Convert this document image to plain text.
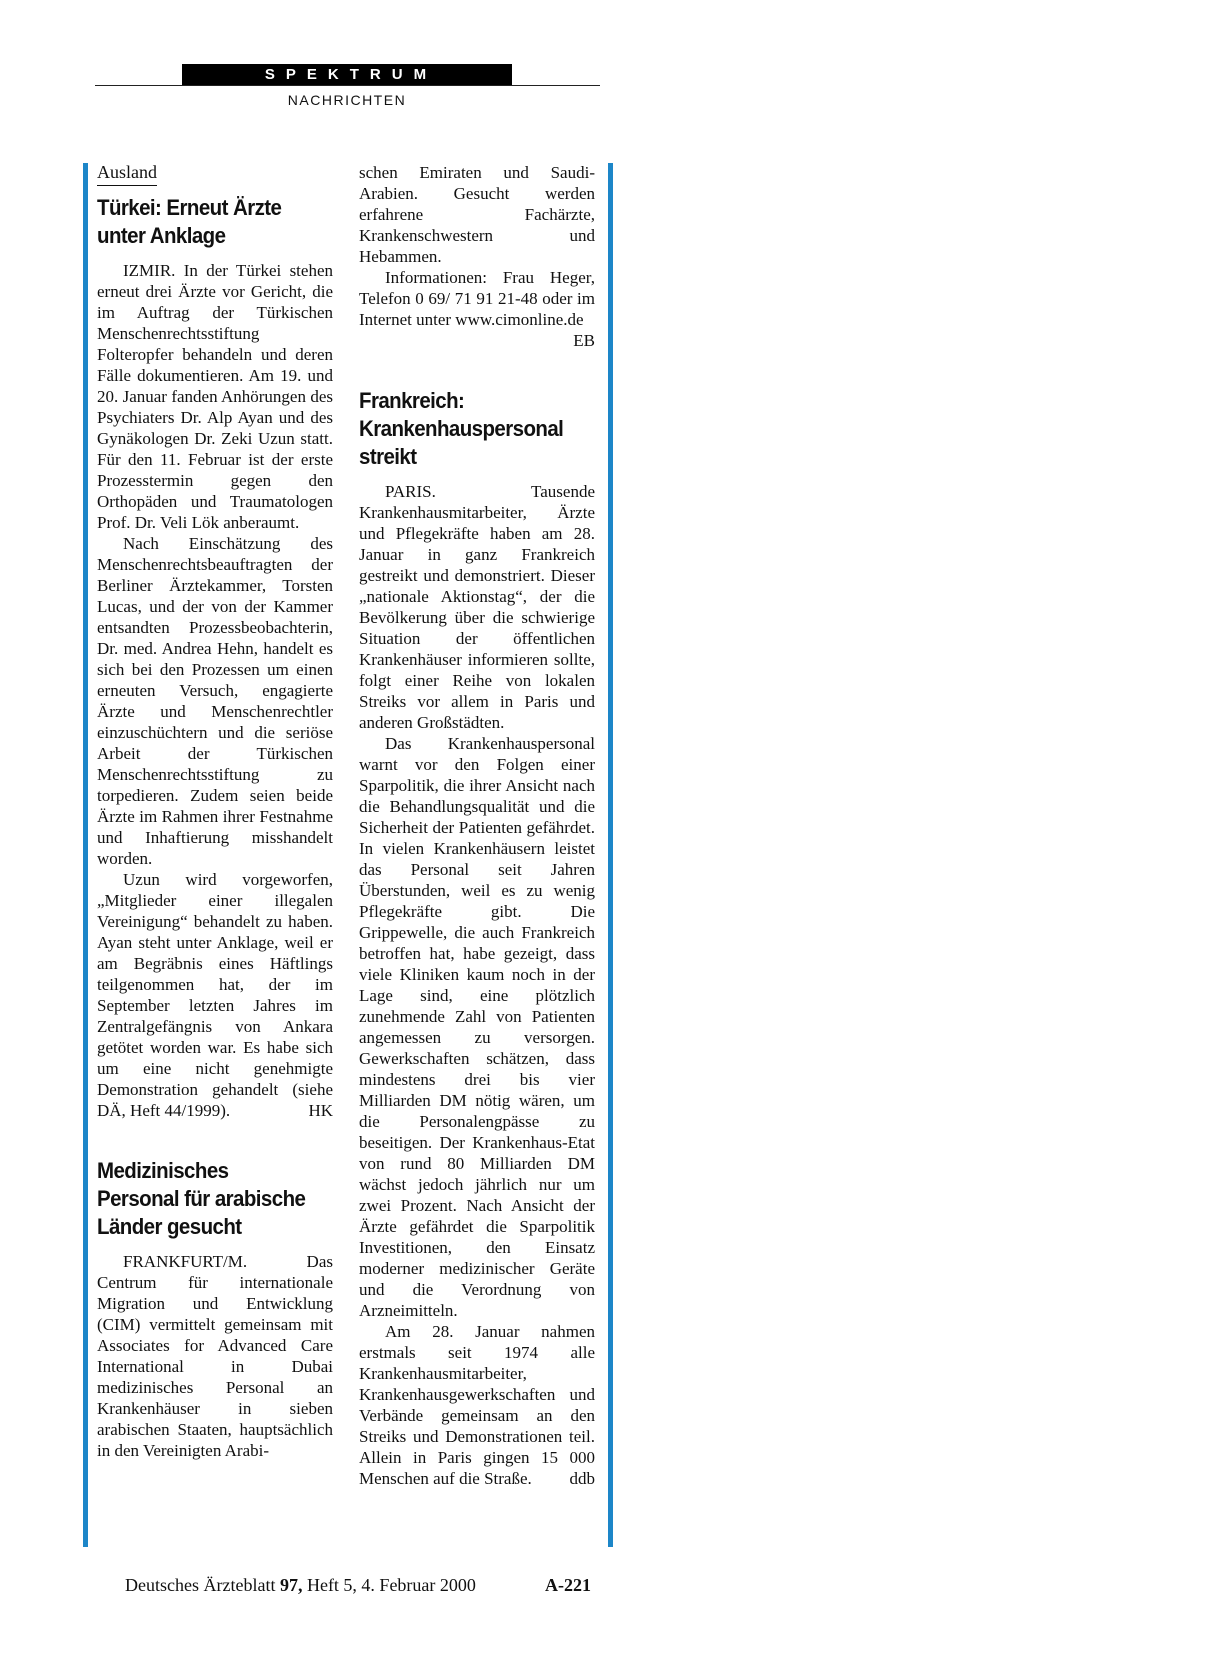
SPEKTRUM
NACHRICHTEN
Ausland
Türkei: Erneut Ärzte
unter Anklage

IZMIR. In der Türkei stehen erneut drei Ärzte vor Gericht, die im Auftrag der Türkischen Menschenrechtsstiftung Folteropfer behandeln und deren Fälle dokumentieren. Am 19. und 20. Januar fanden Anhörungen des Psychiaters Dr. Alp Ayan und des Gynäkologen Dr. Zeki Uzun statt. Für den 11. Februar ist der erste Prozesstermin gegen den Orthopäden und Traumatologen Prof. Dr. Veli Lök anberaumt.

Nach Einschätzung des Menschenrechtsbeauftragten der Berliner Ärztekammer, Torsten Lucas, und der von der Kammer entsandten Prozessbeobachterin, Dr. med. Andrea Hehn, handelt es sich bei den Prozessen um einen erneuten Versuch, engagierte Ärzte und Menschenrechtler einzuschüchtern und die seriöse Arbeit der Türkischen Menschenrechtsstiftung zu torpedieren. Zudem seien beide Ärzte im Rahmen ihrer Festnahme und Inhaftierung misshandelt worden.

Uzun wird vorgeworfen, „Mitglieder einer illegalen Vereinigung“ behandelt zu haben. Ayan steht unter Anklage, weil er am Begräbnis eines Häftlings teilgenommen hat, der im September letzten Jahres im Zentralgefängnis von Ankara getötet worden war. Es habe sich um eine nicht genehmigte Demonstration gehandelt (siehe DÄ, Heft 44/1999).	HK

Medizinisches
Personal für arabische
Länder gesucht

FRANKFURT/M. Das Centrum für internationale Migration und Entwicklung (CIM) vermittelt gemeinsam mit Associates for Advanced Care International in Dubai medizinisches Personal an Krankenhäuser in sieben arabischen Staaten, hauptsächlich in den Vereinigten Arabi-

schen Emiraten und Saudi-Arabien. Gesucht werden erfahrene Fachärzte, Krankenschwestern und Hebammen.

Informationen: Frau Heger, Telefon 0 69/ 71 91 21-48 oder im Internet unter www.cimonline.de
EB

Frankreich:
Krankenhauspersonal
streikt

PARIS. Tausende Krankenhausmitarbeiter, Ärzte und Pflegekräfte haben am 28. Januar in ganz Frankreich gestreikt und demonstriert. Dieser „nationale Aktionstag“, der die Bevölkerung über die schwierige Situation der öffentlichen Krankenhäuser informieren sollte, folgt einer Reihe von lokalen Streiks vor allem in Paris und anderen Großstädten.

Das Krankenhauspersonal warnt vor den Folgen einer Sparpolitik, die ihrer Ansicht nach die Behandlungsqualität und die Sicherheit der Patienten gefährdet. In vielen Krankenhäusern leistet das Personal seit Jahren Überstunden, weil es zu wenig Pflegekräfte gibt. Die Grippewelle, die auch Frankreich betroffen hat, habe gezeigt, dass viele Kliniken kaum noch in der Lage sind, eine plötzlich zunehmende Zahl von Patienten angemessen zu versorgen. Gewerkschaften schätzen, dass mindestens drei bis vier Milliarden DM nötig wären, um die Personalengpässe zu beseitigen. Der Krankenhaus-Etat von rund 80 Milliarden DM wächst jedoch jährlich nur um zwei Prozent. Nach Ansicht der Ärzte gefährdet die Sparpolitik Investitionen, den Einsatz moderner medizinischer Geräte und die Verordnung von Arzneimitteln.

Am 28. Januar nahmen erstmals seit 1974 alle Krankenhausmitarbeiter, Krankenhausgewerkschaften und Verbände gemeinsam an den Streiks und Demonstrationen teil. Allein in Paris gingen 15 000 Menschen auf die Straße.	ddb

Deutsches Ärzteblatt 97, Heft 5, 4. Februar 2000	A-221
